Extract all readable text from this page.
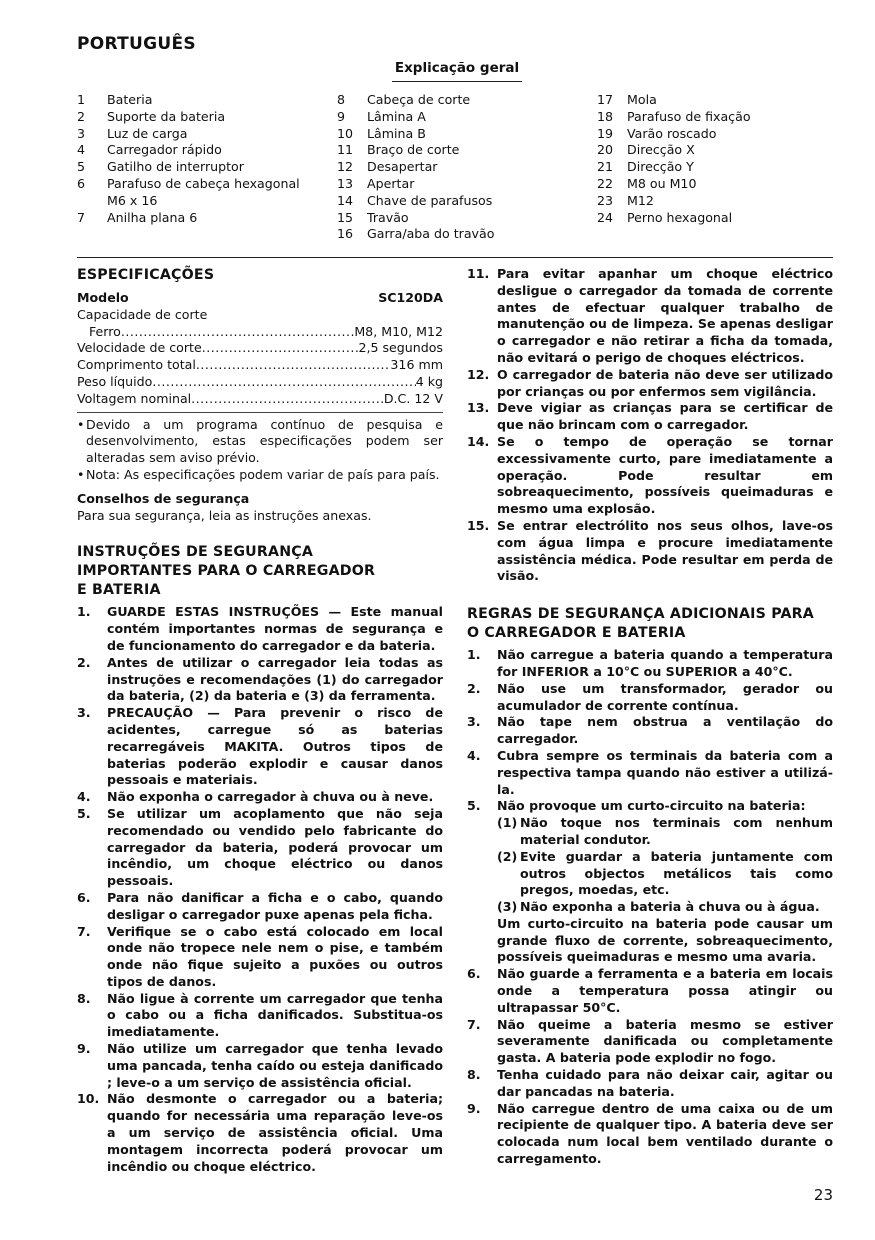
PORTUGUÊS
Explicação geral
1	Bateria
2	Suporte da bateria
3	Luz de carga
4	Carregador rápido
5	Gatilho de interruptor
6	Parafuso de cabeça hexagonal M6 x 16
7	Anilha plana 6
8	Cabeça de corte
9	Lâmina A
10	Lâmina B
11	Braço de corte
12	Desapertar
13	Apertar
14	Chave de parafusos
15	Travão
16	Garra/aba do travão
17	Mola
18	Parafuso de fixação
19	Varão roscado
20	Direcção X
21	Direcção Y
22	M8 ou M10
23	M12
24	Perno hexagonal
ESPECIFICAÇÕES
Modelo	SC120DA
Capacidade de corte
Ferro .....	M8, M10, M12
Velocidade de corte .....	2,5 segundos
Comprimento total .....	316 mm
Peso líquido .....	4 kg
Voltagem nominal .....	D.C. 12 V
• Devido a um programa contínuo de pesquisa e desenvolvimento, estas especificações podem ser alteradas sem aviso prévio.
• Nota: As especificações podem variar de país para país.
Conselhos de segurança
Para sua segurança, leia as instruções anexas.
INSTRUÇÕES DE SEGURANÇA
IMPORTANTES PARA O CARREGADOR
E BATERIA
1.	GUARDE ESTAS INSTRUÇÕES — Este manual contém importantes normas de segurança e de funcionamento do carregador e da bateria.
2.	Antes de utilizar o carregador leia todas as instruções e recomendações (1) do carregador da bateria, (2) da bateria e (3) da ferramenta.
3.	PRECAUÇÃO — Para prevenir o risco de acidentes, carregue só as baterias recarregáveis MAKITA. Outros tipos de baterias poderão explodir e causar danos pessoais e materiais.
4.	Não exponha o carregador à chuva ou à neve.
5.	Se utilizar um acoplamento que não seja recomendado ou vendido pelo fabricante do carregador da bateria, poderá provocar um incêndio, um choque eléctrico ou danos pessoais.
6.	Para não danificar a ficha e o cabo, quando desligar o carregador puxe apenas pela ficha.
7.	Verifique se o cabo está colocado em local onde não tropece nele nem o pise, e também onde não fique sujeito a puxões ou outros tipos de danos.
8.	Não ligue à corrente um carregador que tenha o cabo ou a ficha danificados. Substitua-os imediatamente.
9.	Não utilize um carregador que tenha levado uma pancada, tenha caído ou esteja danificado ; leve-o a um serviço de assistência oficial.
10. Não desmonte o carregador ou a bateria; quando for necessária uma reparação leve-os a um serviço de assistência oficial. Uma montagem incorrecta poderá provocar um incêndio ou choque eléctrico.
11. Para evitar apanhar um choque eléctrico desligue o carregador da tomada de corrente antes de efectuar qualquer trabalho de manutenção ou de limpeza. Se apenas desligar o carregador e não retirar a ficha da tomada, não evitará o perigo de choques eléctricos.
12. O carregador de bateria não deve ser utilizado por crianças ou por enfermos sem vigilância.
13. Deve vigiar as crianças para se certificar de que não brincam com o carregador.
14. Se o tempo de operação se tornar excessivamente curto, pare imediatamente a operação. Pode resultar em sobreaquecimento, possíveis queimaduras e mesmo uma explosão.
15. Se entrar electrólito nos seus olhos, lave-os com água limpa e procure imediatamente assistência médica. Pode resultar em perda de visão.
REGRAS DE SEGURANÇA ADICIONAIS PARA
O CARREGADOR E BATERIA
1.	Não carregue a bateria quando a temperatura for INFERIOR a 10°C ou SUPERIOR a 40°C.
2.	Não use um transformador, gerador ou acumulador de corrente contínua.
3.	Não tape nem obstrua a ventilação do carregador.
4.	Cubra sempre os terminais da bateria com a respectiva tampa quando não estiver a utilizá-la.
5.	Não provoque um curto-circuito na bateria:
(1) Não toque nos terminais com nenhum material condutor.
(2) Evite guardar a bateria juntamente com outros objectos metálicos tais como pregos, moedas, etc.
(3) Não exponha a bateria à chuva ou à água.
Um curto-circuito na bateria pode causar um grande fluxo de corrente, sobreaquecimento, possíveis queimaduras e mesmo uma avaria.
6.	Não guarde a ferramenta e a bateria em locais onde a temperatura possa atingir ou ultrapassar 50°C.
7.	Não queime a bateria mesmo se estiver severamente danificada ou completamente gasta. A bateria pode explodir no fogo.
8.	Tenha cuidado para não deixar cair, agitar ou dar pancadas na bateria.
9.	Não carregue dentro de uma caixa ou de um recipiente de qualquer tipo. A bateria deve ser colocada num local bem ventilado durante o carregamento.
23
